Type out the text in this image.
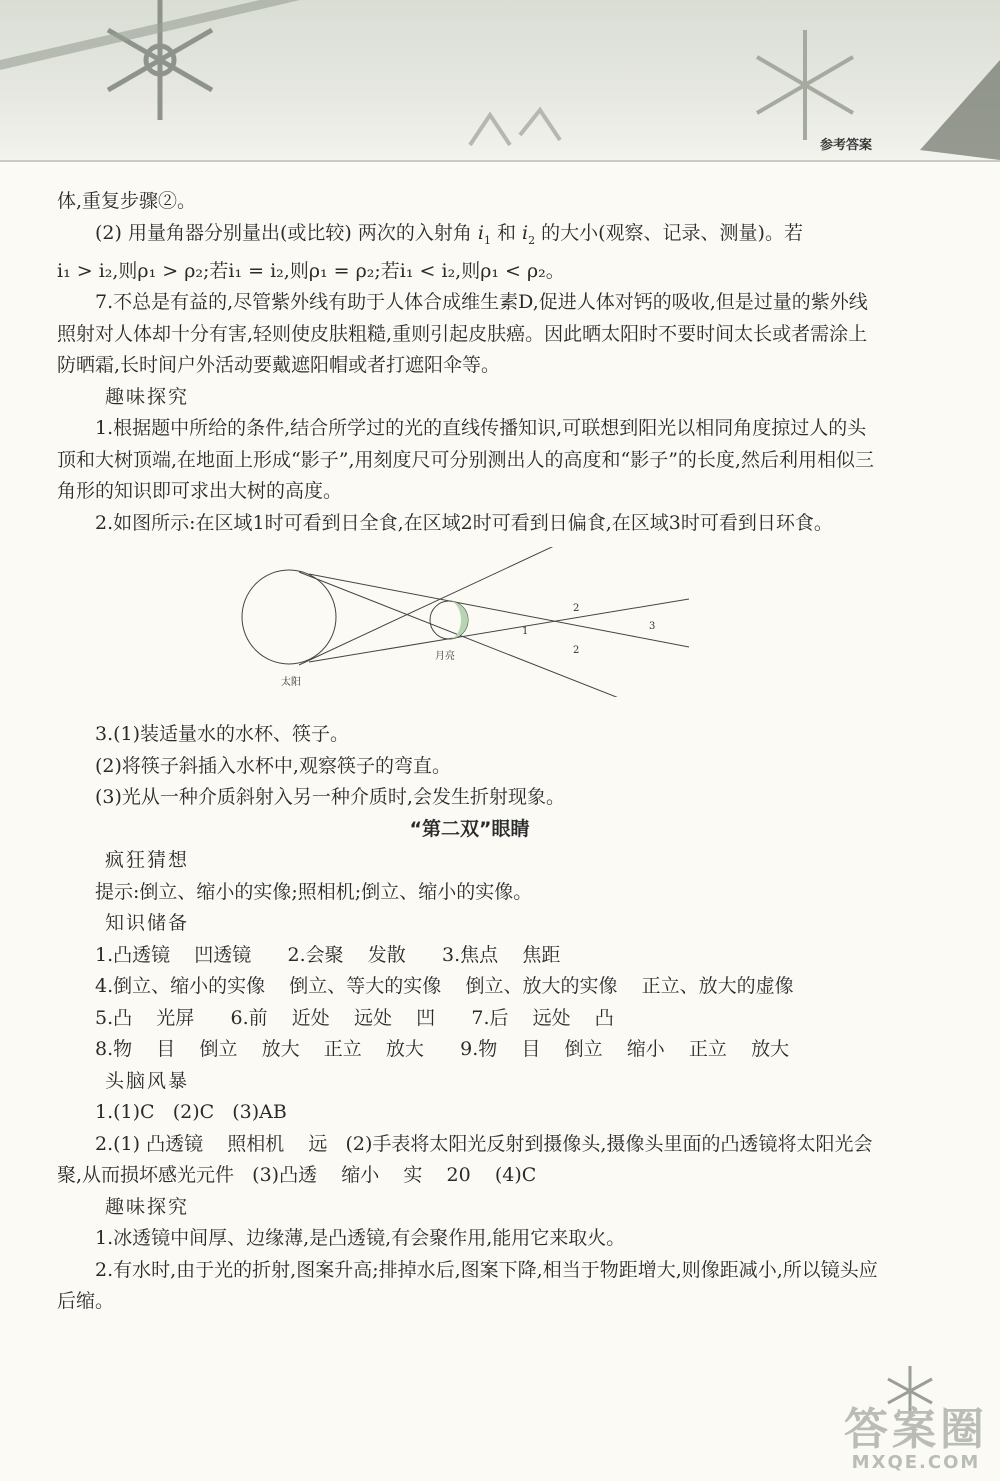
参考答案

体,重复步骤②。

(2) 用量角器分别量出(或比较) 两次的入射角 $i_1$ 和 $i_2$ 的大小(观察、记录、测量)。若

i₁ > i₂,则ρ₁ > ρ₂;若i₁ = i₂,则ρ₁ = ρ₂;若i₁ < i₂,则ρ₁ < ρ₂。

7.不总是有益的,尽管紫外线有助于人体合成维生素D,促进人体对钙的吸收,但是过量的紫外线照射对人体却十分有害,轻则使皮肤粗糙,重则引起皮肤癌。因此晒太阳时不要时间太长或者需涂上防晒霜,长时间户外活动要戴遮阳帽或者打遮阳伞等。

趣味探究

1.根据题中所给的条件,结合所学过的光的直线传播知识,可联想到阳光以相同角度掠过人的头顶和大树顶端,在地面上形成“影子”,用刻度尺可分别测出人的高度和“影子”的长度,然后利用相似三角形的知识即可求出大树的高度。

2.如图所示:在区域1时可看到日全食,在区域2时可看到日偏食,在区域3时可看到日环食。

太阳
月亮
1
2
2
3

3.(1)装适量水的水杯、筷子。

(2)将筷子斜插入水杯中,观察筷子的弯直。

(3)光从一种介质斜射入另一种介质时,会发生折射现象。

“第二双”眼睛

疯狂猜想

提示:倒立、缩小的实像;照相机;倒立、缩小的实像。

知识储备

1.凸透镜    凹透镜      2.会聚    发散      3.焦点    焦距

4.倒立、缩小的实像    倒立、等大的实像    倒立、放大的实像    正立、放大的虚像

5.凸    光屏      6.前    近处    远处    凹      7.后    远处    凸

8.物    目    倒立    放大    正立    放大      9.物    目    倒立    缩小    正立    放大

头脑风暴

1.(1)C   (2)C   (3)AB

2.(1) 凸透镜    照相机    远   (2)手表将太阳光反射到摄像头,摄像头里面的凸透镜将太阳光会聚,从而损坏感光元件   (3)凸透    缩小    实    20    (4)C

趣味探究

1.冰透镜中间厚、边缘薄,是凸透镜,有会聚作用,能用它来取火。

2.有水时,由于光的折射,图案升高;排掉水后,图案下降,相当于物距增大,则像距减小,所以镜头应后缩。

答案圈
MXQE.COM
